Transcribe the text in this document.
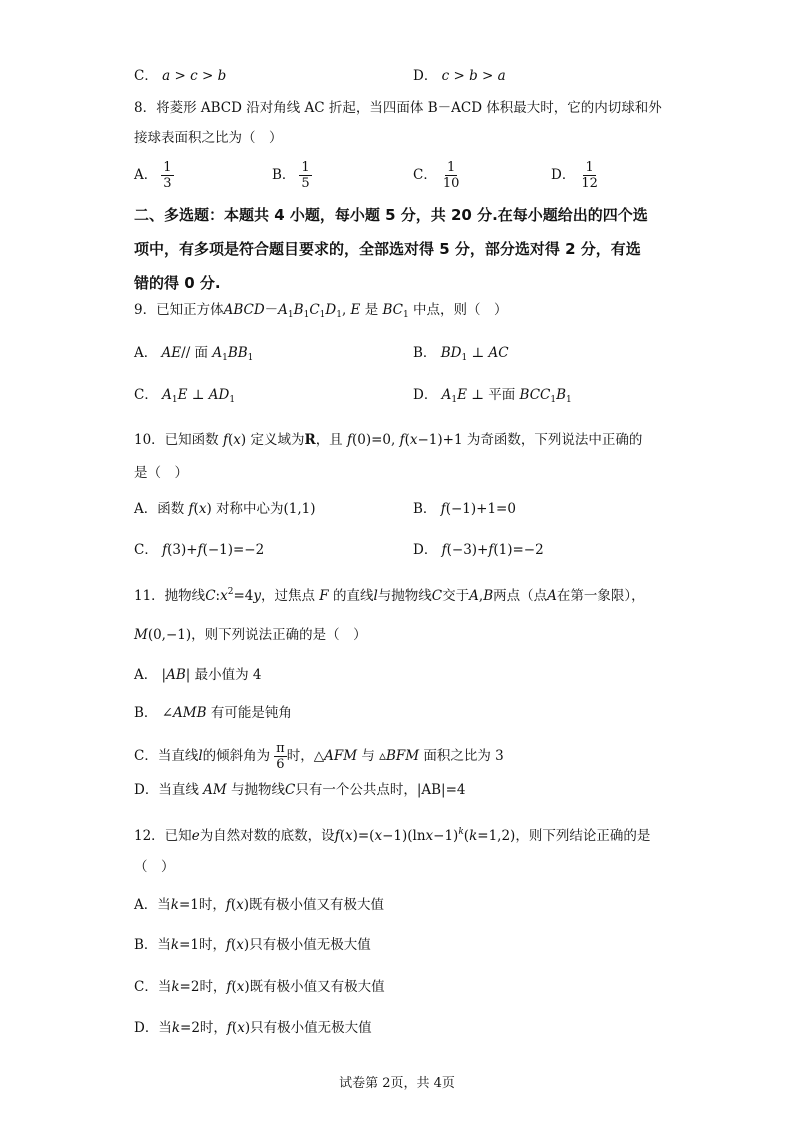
C． a > c > b	D． c > b > a
8．将菱形 ABCD 沿对角线 AC 折起，当四面体 B－ACD 体积最大时，它的内切球和外
接球表面积之比为（　）
A． $\frac{1}{3}$	B． $\frac{1}{5}$	C． $\frac{1}{10}$	D． $\frac{1}{12}$
二、多选题：本题共 4 小题，每小题 5 分，共 20 分.在每小题给出的四个选
项中，有多项是符合题目要求的，全部选对得 5 分，部分选对得 2 分，有选
错的得 0 分.
9．已知正方体$ABCD-A_1B_1C_1D_1$, E 是 $BC_1$ 中点，则（　）
A． AE// 面 $A_1BB_1$	B． $BD_1$ ⊥ AC
C． $A_1E$ ⊥ $AD_1$	D． $A_1E$ ⊥ 平面 $BCC_1B_1$
10．已知函数 f(x) 定义域为R，且 f(0)=0, f(x−1)+1 为奇函数，下列说法中正确的
是（　）
A．函数 f(x) 对称中心为(1,1)	B． f(−1)+1=0
C． f(3)+f(−1)=−2	D． f(−3)+f(1)=−2
11．抛物线$C:x^2=4y$，过焦点 F 的直线l与抛物线C交于A,B两点（点A在第一象限），
M(0,−1)，则下列说法正确的是（　）
A． |AB| 最小值为 4
B． ∠AMB 有可能是钝角
C．当直线l的倾斜角为 $\frac{\pi}{6}$ 时，△AFM 与 ▵BFM 面积之比为 3
D．当直线 AM 与抛物线C只有一个公共点时，|AB|=4
12．已知e为自然对数的底数，设$f(x)=(x-1)(\ln x-1)^k(k=1,2)$，则下列结论正确的是
（　）
A．当k=1时，f(x)既有极小值又有极大值
B．当k=1时，f(x)只有极小值无极大值
C．当k=2时，f(x)既有极小值又有极大值
D．当k=2时，f(x)只有极小值无极大值
试卷第 2页，共 4页
